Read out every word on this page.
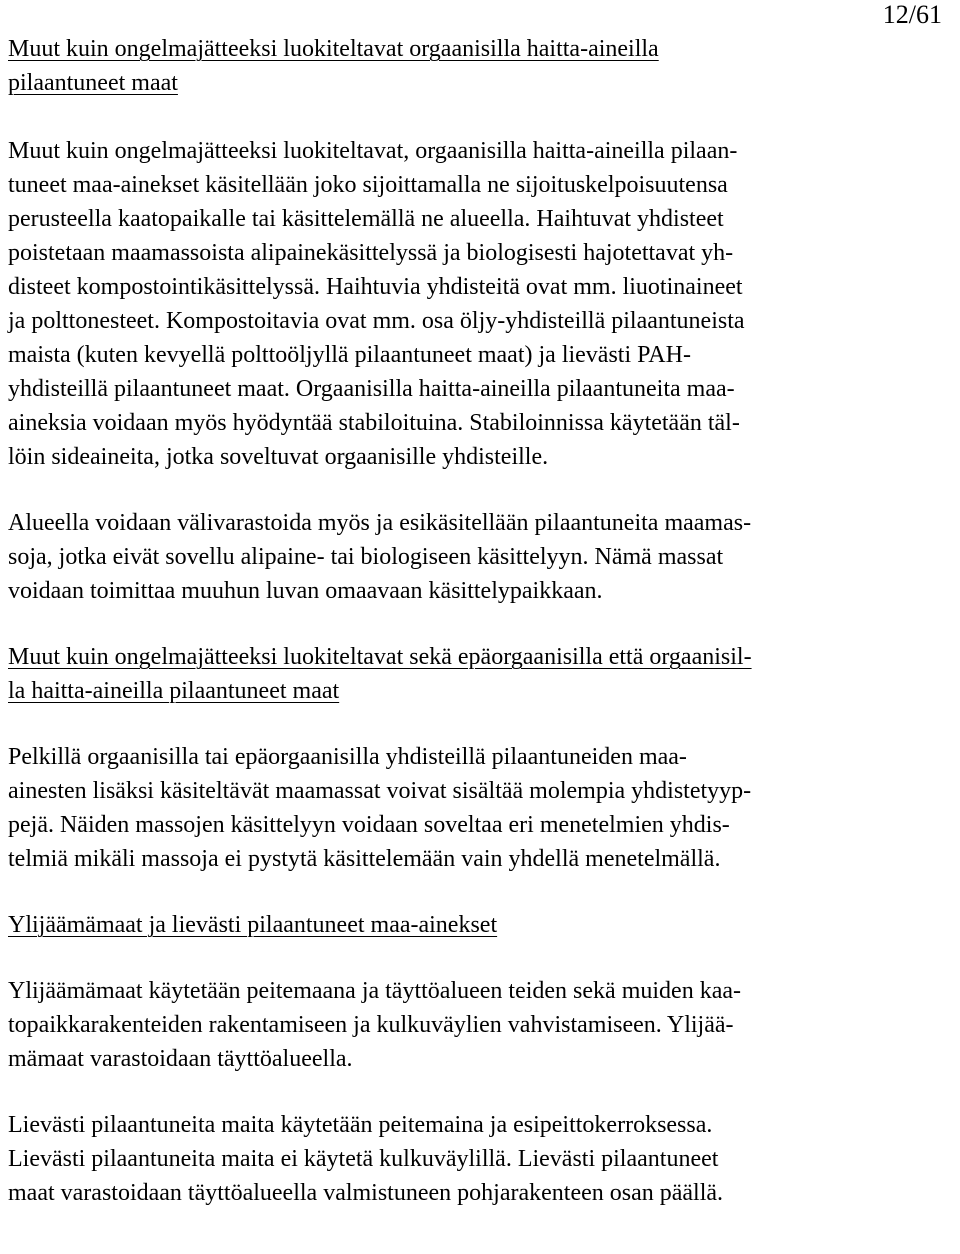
12/61
Muut kuin ongelmajätteeksi luokiteltavat orgaanisilla haitta-aineilla
pilaantuneet maat
Muut kuin ongelmajätteeksi luokiteltavat, orgaanisilla haitta-aineilla pilaan-
tuneet maa-ainekset käsitellään joko sijoittamalla ne sijoituskelpoisuutensa
perusteella kaatopaikalle tai käsittelemällä ne alueella. Haihtuvat yhdisteet
poistetaan maamassoista alipainekäsittelyssä ja biologisesti hajotettavat yh-
disteet kompostointikäsittelyssä. Haihtuvia yhdisteitä ovat mm. liuotinaineet
ja polttonesteet. Kompostoitavia ovat mm. osa öljy-yhdisteillä pilaantuneista
maista (kuten kevyellä polttoöljyllä pilaantuneet maat) ja lievästi PAH-
yhdisteillä pilaantuneet maat. Orgaanisilla haitta-aineilla pilaantuneita maa-
aineksia voidaan myös hyödyntää stabiloituina. Stabiloinnissa käytetään täl-
löin sideaineita, jotka soveltuvat orgaanisille yhdisteille.
Alueella voidaan välivarastoida myös ja esikäsitellään pilaantuneita maamas-
soja, jotka eivät sovellu alipaine- tai biologiseen käsittelyyn. Nämä massat
voidaan toimittaa muuhun luvan omaavaan käsittelypaikkaan.
Muut kuin ongelmajätteeksi luokiteltavat sekä epäorgaanisilla että orgaanisil-
la haitta-aineilla pilaantuneet maat
Pelkillä orgaanisilla tai epäorgaanisilla yhdisteillä pilaantuneiden maa-
ainesten lisäksi käsiteltävät maamassat voivat sisältää molempia yhdistetyyp-
pejä. Näiden massojen käsittelyyn voidaan soveltaa eri menetelmien yhdis-
telmiä mikäli massoja ei pystytä käsittelemään vain yhdellä menetelmällä.
Ylijäämämaat ja lievästi pilaantuneet maa-ainekset
Ylijäämämaat käytetään peitemaana ja täyttöalueen teiden sekä muiden kaa-
topaikkarakenteiden rakentamiseen ja kulkuväylien vahvistamiseen. Ylijää-
mämaat varastoidaan täyttöalueella.
Lievästi pilaantuneita maita käytetään peitemaina ja esipeittokerroksessa.
Lievästi pilaantuneita maita ei käytetä kulkuväylillä. Lievästi pilaantuneet
maat varastoidaan täyttöalueella valmistuneen pohjarakenteen osan päällä.
